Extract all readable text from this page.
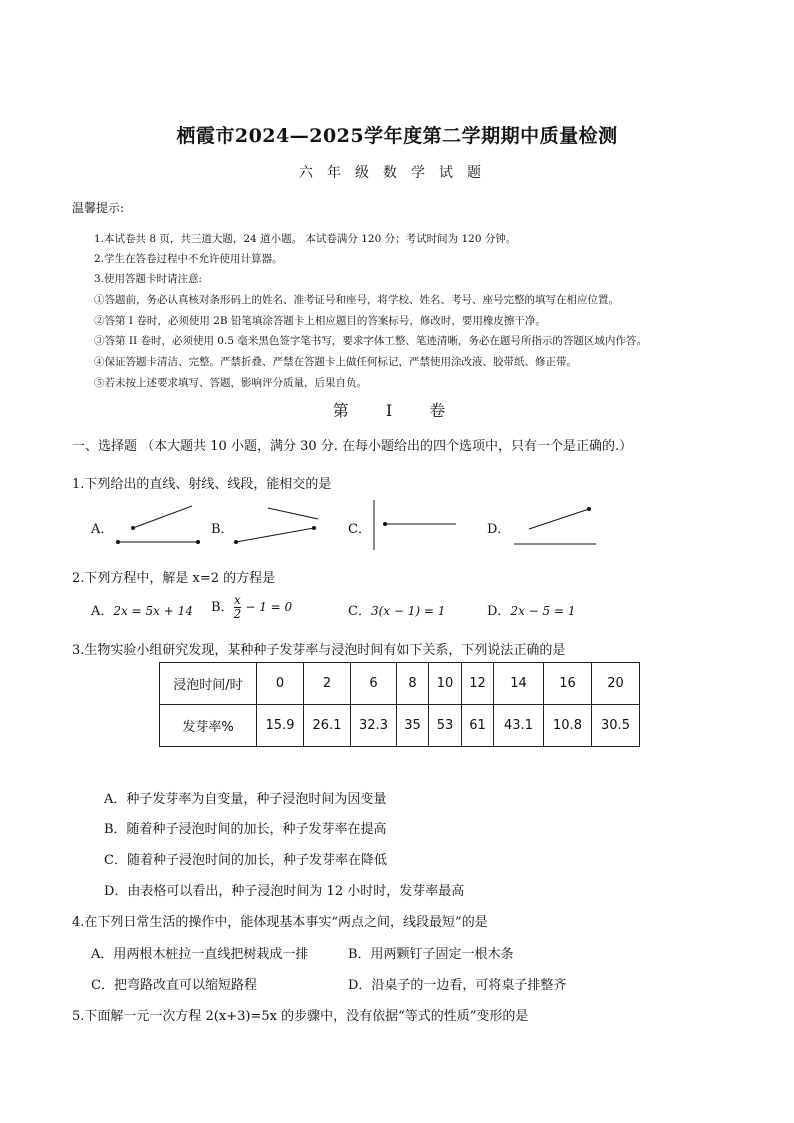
栖霞市2024—2025学年度第二学期期中质量检测
六年级数学试题
温馨提示:
1.本试卷共 8 页，共三道大题，24 道小题。 本试卷满分 120 分；考试时间为 120 分钟。
2.学生在答卷过程中不允许使用计算器。
3.使用答题卡时请注意:
①答题前，务必认真核对条形码上的姓名、准考证号和座号，将学校、姓名、考号、座号完整的填写在相应位置。
②答第 I 卷时，必须使用 2B 铅笔填涂答题卡上相应题目的答案标号，修改时，要用橡皮擦干净。
③答第 II 卷时，必须使用 0.5 毫米黑色签字笔书写，要求字体工整、笔迹清晰，务必在题号所指示的答题区域内作答。
④保证答题卡清洁、完整。严禁折叠、严禁在答题卡上做任何标记，严禁使用涂改液、胶带纸、修正带。
⑤若未按上述要求填写、答题，影响评分质量，后果自负。
第 I 卷
一、选择题 （本大题共 10 小题，满分 30 分. 在每小题给出的四个选项中，只有一个是正确的.）
1.下列给出的直线、射线、线段，能相交的是
A．	B．	C．	D．
2.下列方程中，解是 x=2 的方程是
A．2x = 5x + 14 B． $\frac{x}{2} - 1 = 0$	C．3(x − 1) = 1	D．2x − 5 = 1
3.生物实验小组研究发现，某种种子发芽率与浸泡时间有如下关系，下列说法正确的是
浸泡时间/时	0	2	6	8	10	12	14	16	20
发芽率%	15.9	26.1	32.3	35	53	61	43.1	10.8	30.5
A．种子发芽率为自变量，种子浸泡时间为因变量
B．随着种子浸泡时间的加长，种子发芽率在提高
C．随着种子浸泡时间的加长，种子发芽率在降低
D．由表格可以看出，种子浸泡时间为 12 小时时，发芽率最高
4.在下列日常生活的操作中，能体现基本事实“两点之间，线段最短”的是
A．用两根木桩拉一直线把树栽成一排	B．用两颗钉子固定一根木条
C．把弯路改直可以缩短路程	D．沿桌子的一边看，可将桌子排整齐
5.下面解一元一次方程 2(x+3)=5x 的步骤中，没有依据“等式的性质”变形的是
